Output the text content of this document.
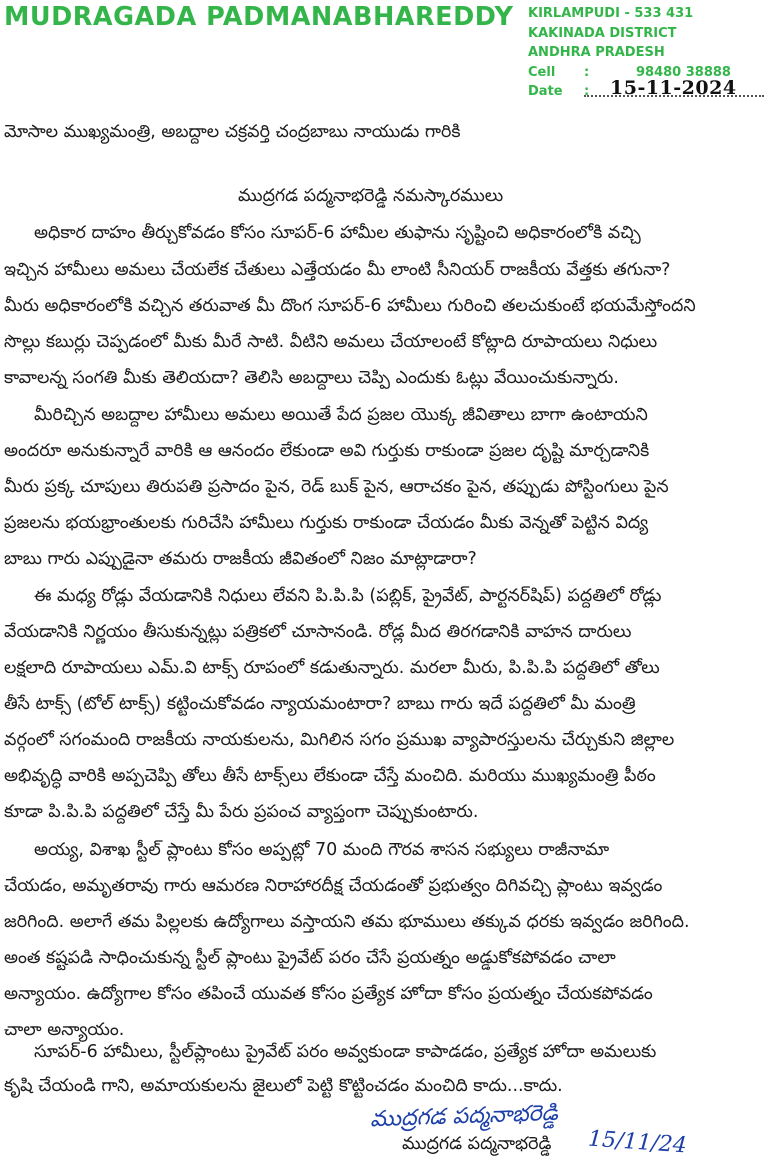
MUDRAGADA PADMANABHAREDDY KIRLAMPUDI - 533 431
KAKINADA DISTRICT
ANDHRA PRADESH
Cell :	98480 38888
Date : 15-11-2024
మోసాల ముఖ్యమంత్రి, అబద్దాల చక్రవర్తి చంద్రబాబు నాయుడు గారికి
ముద్రగడ పద్మనాభరెడ్డి నమస్కారములు
అధికార దాహం తీర్చుకోవడం కోసం సూపర్-6 హామీల తుఫాను సృష్టించి అధికారంలోకి వచ్చి
ఇచ్చిన హామీలు అమలు చేయలేక చేతులు ఎత్తేయడం మీ లాంటి సీనియర్ రాజకీయ వేత్తకు తగునా?
మీరు అధికారంలోకి వచ్చిన తరువాత మీ దొంగ సూపర్-6 హామీలు గురించి తలచుకుంటే భయమేస్తోందని
సొల్లు కబుర్లు చెప్పడంలో మీకు మీరే సాటి. వీటిని అమలు చేయాలంటే కోట్లాది రూపాయలు నిధులు
కావాలన్న సంగతి మీకు తెలియదా? తెలిసి అబద్దాలు చెప్పి ఎందుకు ఓట్లు వేయించుకున్నారు.
మీరిచ్చిన అబద్దాల హామీలు అమలు అయితే పేద ప్రజల యొక్క జీవితాలు బాగా ఉంటాయని
అందరూ అనుకున్నారే వారికి ఆ ఆనందం లేకుండా అవి గుర్తుకు రాకుండా ప్రజల దృష్టి మార్చడానికి
మీరు ప్రక్క చూపులు తిరుపతి ప్రసాదం పైన, రెడ్ బుక్ పైన, ఆరాచకం పైన, తప్పుడు పోస్టింగులు పైన
ప్రజలను భయభ్రాంతులకు గురిచేసి హామీలు గుర్తుకు రాకుండా చేయడం మీకు వెన్నతో పెట్టిన విద్య
బాబు గారు ఎప్పుడైనా తమరు రాజకీయ జీవితంలో నిజం మాట్లాడారా?
ఈ మధ్య రోడ్లు వేయడానికి నిధులు లేవని పి.పి.పి (పబ్లిక్, ప్రైవేట్, పార్టనర్‌షిప్) పద్దతిలో రోడ్లు
వేయడానికి నిర్ణయం తీసుకున్నట్లు పత్రికలో చూసానండి. రోడ్ల మీద తిరగడానికి వాహన దారులు
లక్షలాది రూపాయలు ఎమ్.వి టాక్స్ రూపంలో కడుతున్నారు. మరలా మీరు, పి.పి.పి పద్దతిలో తోలు
తీసే టాక్స్ (టోల్ టాక్స్) కట్టించుకోవడం న్యాయమంటారా? బాబు గారు ఇదే పద్దతిలో మీ మంత్రి
వర్గంలో సగంమంది రాజకీయ నాయకులను, మిగిలిన సగం ప్రముఖ వ్యాపారస్తులను చేర్చుకుని జిల్లాల
అభివృద్ధి వారికి అప్పచెప్పి తోలు తీసే టాక్స్‌లు లేకుండా చేస్తే మంచిది. మరియు ముఖ్యమంత్రి పీఠం
కూడా పి.పి.పి పద్దతిలో చేస్తే మీ పేరు ప్రపంచ వ్యాప్తంగా చెప్పుకుంటారు.
అయ్య, విశాఖ స్టీల్ ప్లాంటు కోసం అప్పట్లో 70 మంది గౌరవ శాసన సభ్యులు రాజీనామా
చేయడం, అమృతరావు గారు ఆమరణ నిరాహారదీక్ష చేయడంతో ప్రభుత్వం దిగివచ్చి ప్లాంటు ఇవ్వడం
జరిగింది. అలాగే తమ పిల్లలకు ఉద్యోగాలు వస్తాయని తమ భూములు తక్కువ ధరకు ఇవ్వడం జరిగింది.
అంత కష్టపడి సాధించుకున్న స్టీల్ ప్లాంటు ప్రైవేట్ పరం చేసే ప్రయత్నం అడ్డుకోకపోవడం చాలా
అన్యాయం. ఉద్యోగాల కోసం తపించే యువత కోసం ప్రత్యేక హోదా కోసం ప్రయత్నం చేయకపోవడం
చాలా అన్యాయం.
సూపర్-6 హామీలు, స్టీల్‌ప్లాంటు ప్రైవేట్ పరం అవ్వకుండా కాపాడడం, ప్రత్యేక హోదా అమలుకు
కృషి చేయండి గాని, అమాయకులను జైలులో పెట్టి కొట్టించడం మంచిది కాదు...కాదు.
ముద్రగడ పద్మనాభరెడ్డి
ముద్రగడ పద్మనాభరెడ్డి 15/11/24
